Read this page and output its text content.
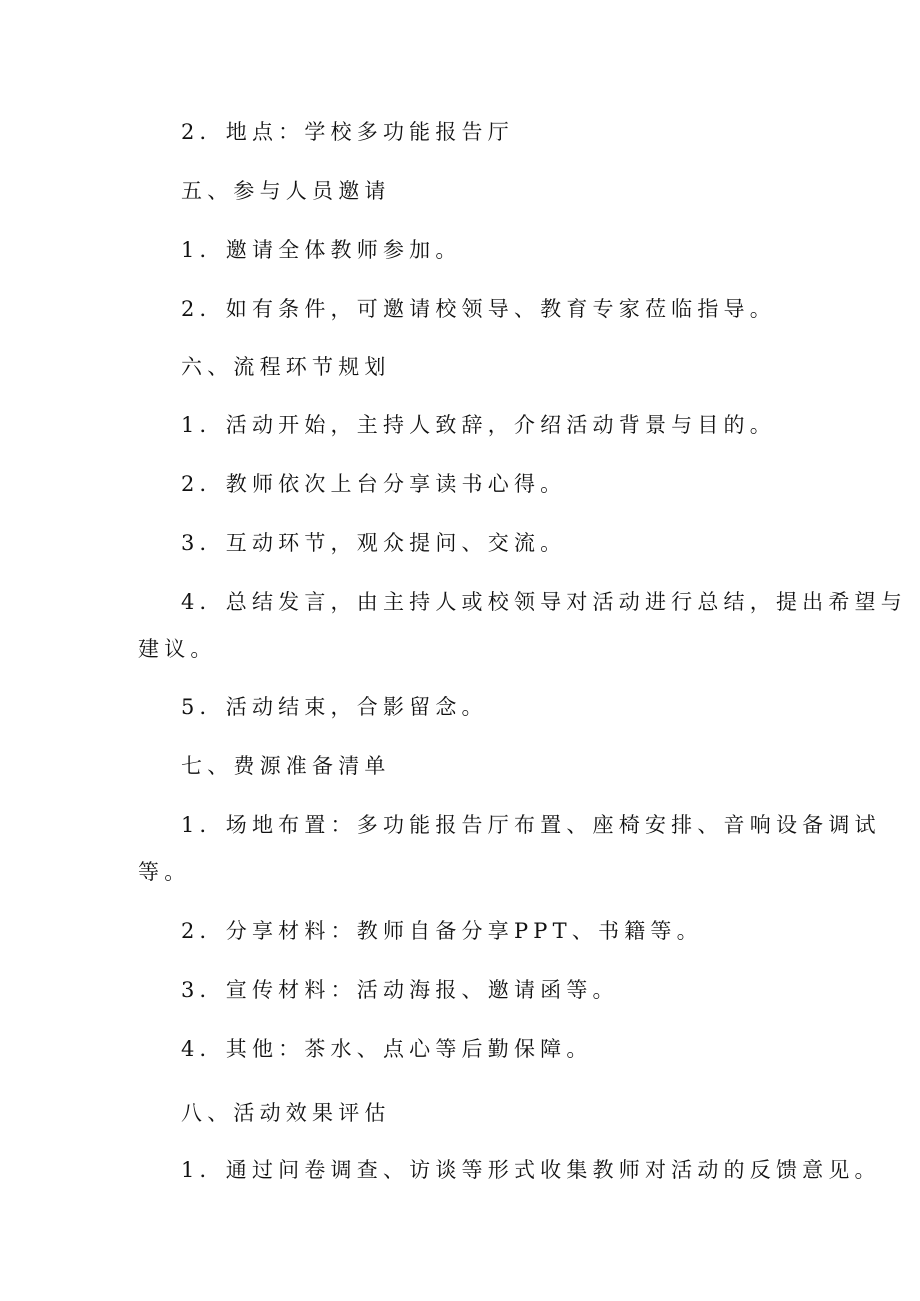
2．地点：学校多功能报告厅
五、参与人员邀请
1．邀请全体教师参加。
2．如有条件，可邀请校领导、教育专家莅临指导。
六、流程环节规划
1．活动开始，主持人致辞，介绍活动背景与目的。
2．教师依次上台分享读书心得。
3．互动环节，观众提问、交流。
4．总结发言，由主持人或校领导对活动进行总结，提出希望与
建议。
5．活动结束，合影留念。
七、费源准备清单
1．场地布置：多功能报告厅布置、座椅安排、音响设备调试
等。
2．分享材料：教师自备分享PPT、书籍等。
3．宣传材料：活动海报、邀请函等。
4．其他：茶水、点心等后勤保障。
八、活动效果评估
1．通过问卷调查、访谈等形式收集教师对活动的反馈意见。
